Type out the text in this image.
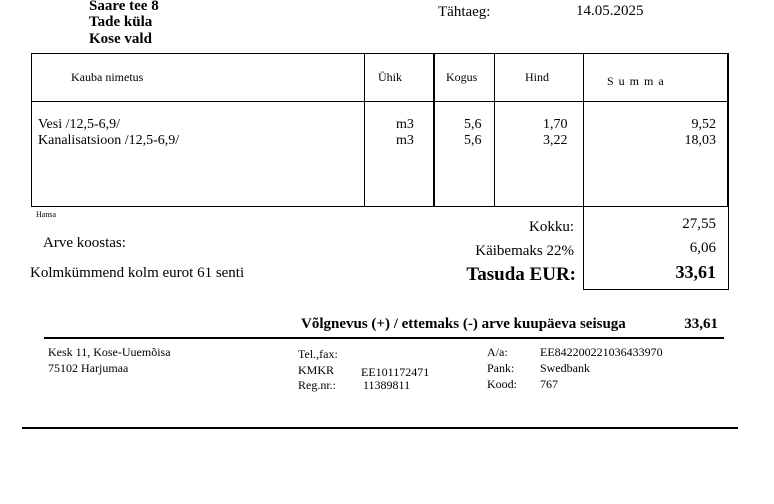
Saare tee 8
Tade küla
Kose vald
Tähtaeg:	14.05.2025
Kauba nimetus	Ühik	Kogus	Hind	S u m m a
Vesi /12,5-6,9/	m3	5,6	1,70	9,52
Kanalisatsioon /12,5-6,9/	m3	5,6	3,22	18,03
Hansa
Arve koostas:
Kolmkümmend kolm eurot 61 senti
Kokku:	27,55
Käibemaks 22%	6,06
Tasuda EUR:	33,61
Võlgnevus (+) / ettemaks (-) arve kuupäeva seisuga	33,61
Kesk 11, Kose-Uuemõisa
75102 Harjumaa
Tel.,fax:
KMKR EE101172471
Reg.nr.: 11389811
A/a:	EE842200221036433970
Pank: Swedbank
Kood: 767
